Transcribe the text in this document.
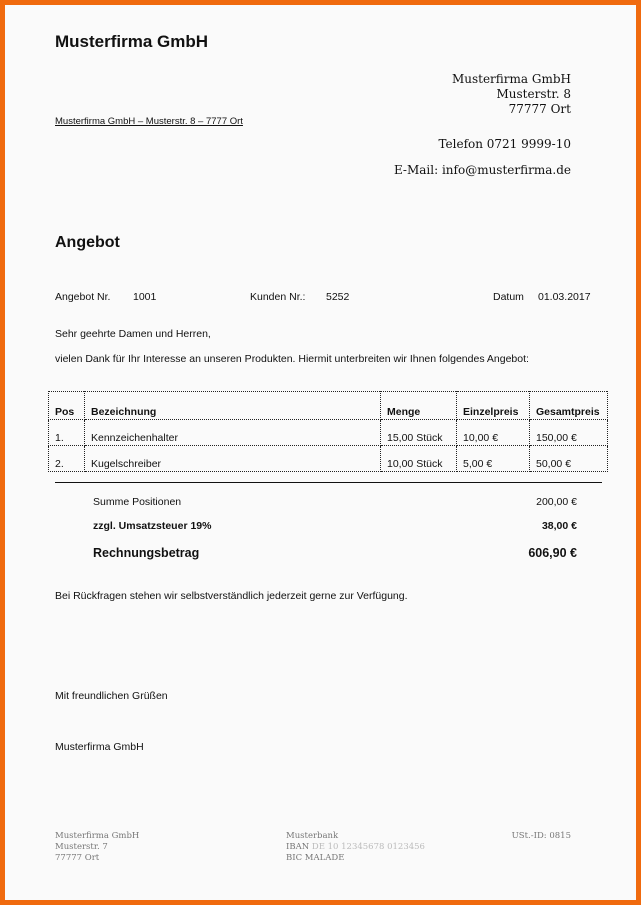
Musterfirma GmbH
Musterfirma GmbH
Musterstr. 8
77777 Ort
Musterfirma GmbH – Musterstr. 8 – 7777 Ort
Telefon 0721 9999-10
E-Mail: info@musterfirma.de
Angebot
Angebot Nr. 1001	Kunden Nr.: 5252	Datum 01.03.2017
Sehr geehrte Damen und Herren,
vielen Dank für Ihr Interesse an unseren Produkten. Hiermit unterbreiten wir Ihnen folgendes Angebot:
Pos	Bezeichnung	Menge	Einzelpreis	Gesamtpreis
1.	Kennzeichenhalter	15,00 Stück	10,00 €	150,00 €
2.	Kugelschreiber	10,00 Stück	5,00 €	50,00 €
Summe Positionen	200,00 €
zzgl. Umsatzsteuer 19%	38,00 €
Rechnungsbetrag	606,90 €
Bei Rückfragen stehen wir selbstverständlich jederzeit gerne zur Verfügung.
Mit freundlichen Grüßen
Musterfirma GmbH
Musterfirma GmbH
Musterstr. 7
77777 Ort
Musterbank
IBAN DE 10 12345678 0123456
BIC MALADE
USt.-ID: 0815
